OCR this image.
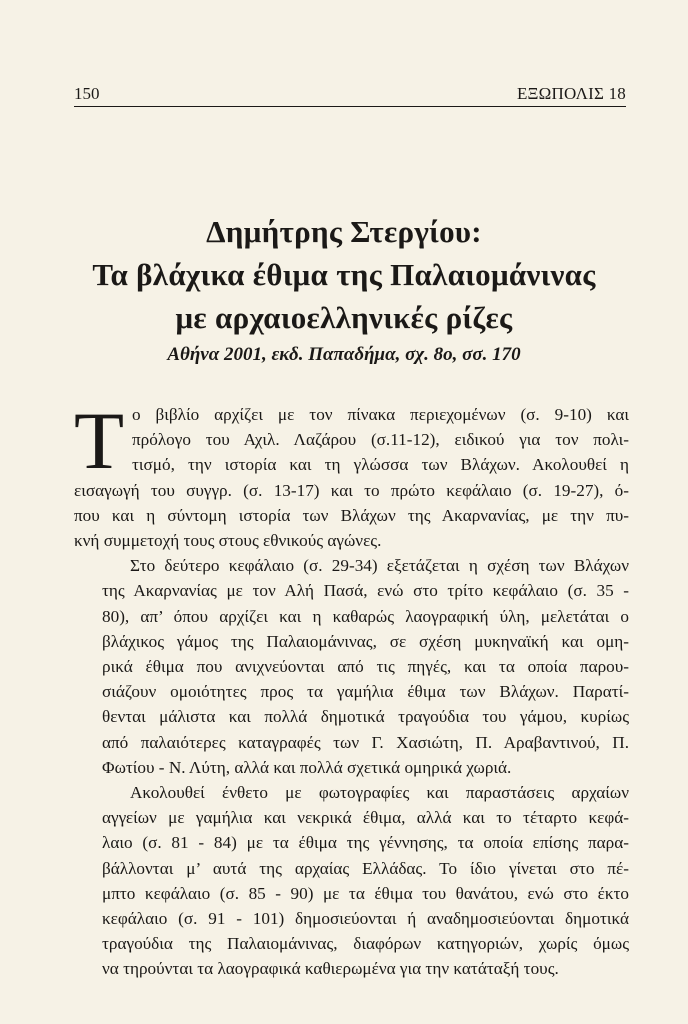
150	ΕΞΩΠΟΛΙΣ 18
Δημήτρης Στεργίου:
Τα βλάχικα έθιμα της Παλαιομάνινας
με αρχαιοελληνικές ρίζες
Αθήνα 2001, εκδ. Παπαδήμα, σχ. 8ο, σσ. 170

Τ ο βιβλίο αρχίζει με τον πίνακα περιεχομένων (σ. 9-10) και
πρόλογο του Αχιλ. Λαζάρου (σ.11-12), ειδικού για τον πολι-
τισμό, την ιστορία και τη γλώσσα των Βλάχων. Ακολουθεί η
εισαγωγή του συγγρ. (σ. 13-17) και το πρώτο κεφάλαιο (σ. 19-27), ό-
που και η σύντομη ιστορία των Βλάχων της Ακαρνανίας, με την πυ-
κνή συμμετοχή τους στους εθνικούς αγώνες.

Στο δεύτερο κεφάλαιο (σ. 29-34) εξετάζεται η σχέση των Βλάχων
της Ακαρνανίας με τον Αλή Πασά, ενώ στο τρίτο κεφάλαιο (σ. 35 -
80), απ’ όπου αρχίζει και η καθαρώς λαογραφική ύλη, μελετάται ο
βλάχικος γάμος της Παλαιομάνινας, σε σχέση μυκηναϊκή και ομη-
ρικά έθιμα που ανιχνεύονται από τις πηγές, και τα οποία παρου-
σιάζουν ομοιότητες προς τα γαμήλια έθιμα των Βλάχων. Παρατί-
θενται μάλιστα και πολλά δημοτικά τραγούδια του γάμου, κυρίως
από παλαιότερες καταγραφές των Γ. Χασιώτη, Π. Αραβαντινού, Π.
Φωτίου - Ν. Λύτη, αλλά και πολλά σχετικά ομηρικά χωριά.

Ακολουθεί ένθετο με φωτογραφίες και παραστάσεις αρχαίων
αγγείων με γαμήλια και νεκρικά έθιμα, αλλά και το τέταρτο κεφά-
λαιο (σ. 81 - 84) με τα έθιμα της γέννησης, τα οποία επίσης παρα-
βάλλονται μ’ αυτά της αρχαίας Ελλάδας. Το ίδιο γίνεται στο πέ-
μπτο κεφάλαιο (σ. 85 - 90) με τα έθιμα του θανάτου, ενώ στο έκτο
κεφάλαιο (σ. 91 - 101) δημοσιεύονται ή αναδημοσιεύονται δημοτικά
τραγούδια της Παλαιομάνινας, διαφόρων κατηγοριών, χωρίς όμως
να τηρούνται τα λαογραφικά καθιερωμένα για την κατάταξή τους.
